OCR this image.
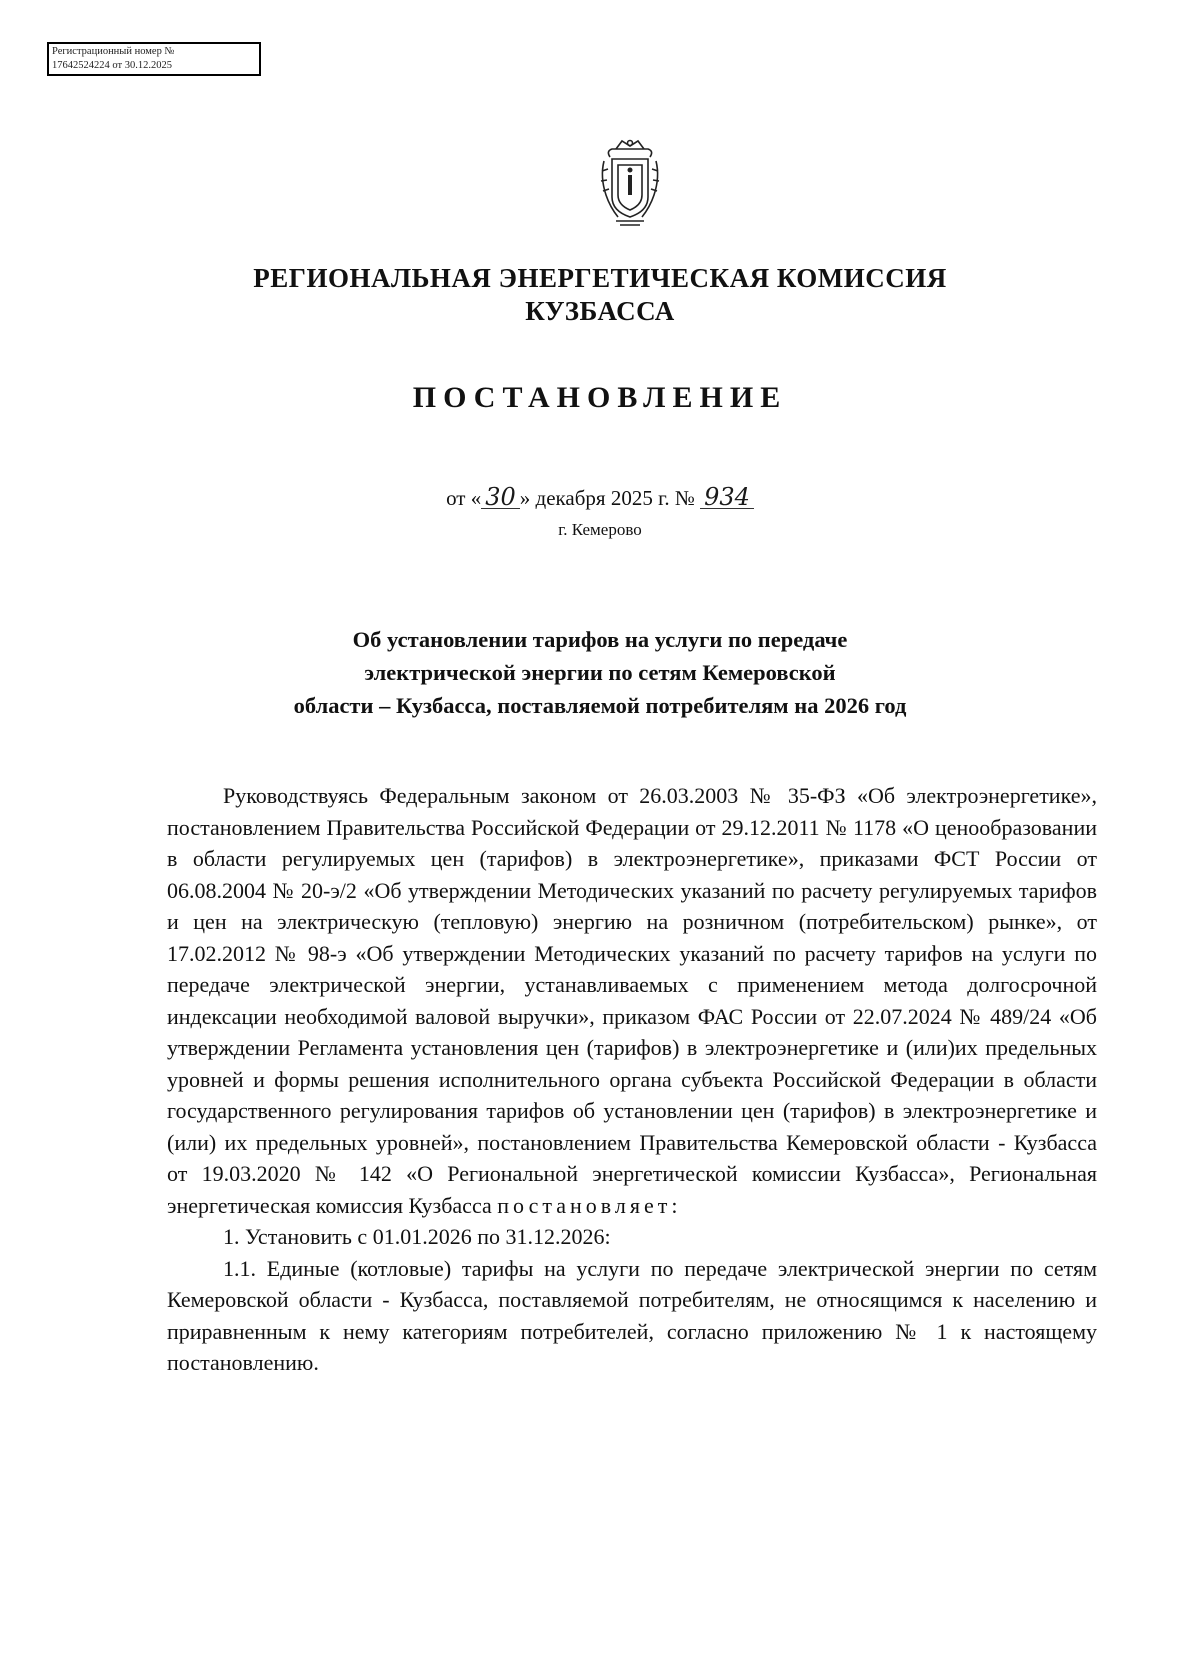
Регистрационный номер №
17642524224 от 30.12.2025
РЕГИОНАЛЬНАЯ ЭНЕРГЕТИЧЕСКАЯ КОМИССИЯ
КУЗБАССА
ПОСТАНОВЛЕНИЕ
от « 30 » декабря 2025 г. № 934
г. Кемерово
Об установлении тарифов на услуги по передаче
электрической энергии по сетям Кемеровской
области – Кузбасса, поставляемой потребителям на 2026 год

Руководствуясь Федеральным законом от 26.03.2003 № 35-ФЗ «Об электроэнергетике», постановлением Правительства Российской Федерации от 29.12.2011 № 1178 «О ценообразовании в области регулируемых цен (тарифов) в электроэнергетике», приказами ФСТ России от 06.08.2004 № 20-э/2 «Об утверждении Методических указаний по расчету регулируемых тарифов и цен на электрическую (тепловую) энергию на розничном (потребительском) рынке», от 17.02.2012 № 98-э «Об утверждении Методических указаний по расчету тарифов на услуги по передаче электрической энергии, устанавливаемых с применением метода долгосрочной индексации необходимой валовой выручки», приказом ФАС России от 22.07.2024 № 489/24 «Об утверждении Регламента установления цен (тарифов) в электроэнергетике и (или)их предельных уровней и формы решения исполнительного органа субъекта Российской Федерации в области государственного регулирования тарифов об установлении цен (тарифов) в электроэнергетике и (или) их предельных уровней», постановлением Правительства Кемеровской области - Кузбасса от 19.03.2020 № 142 «О Региональной энергетической комиссии Кузбасса», Региональная энергетическая комиссия Кузбасса постановляет:

1. Установить с 01.01.2026 по 31.12.2026:

1.1. Единые (котловые) тарифы на услуги по передаче электрической энергии по сетям Кемеровской области - Кузбасса, поставляемой потребителям, не относящимся к населению и приравненным к нему категориям потребителей, согласно приложению № 1 к настоящему постановлению.
